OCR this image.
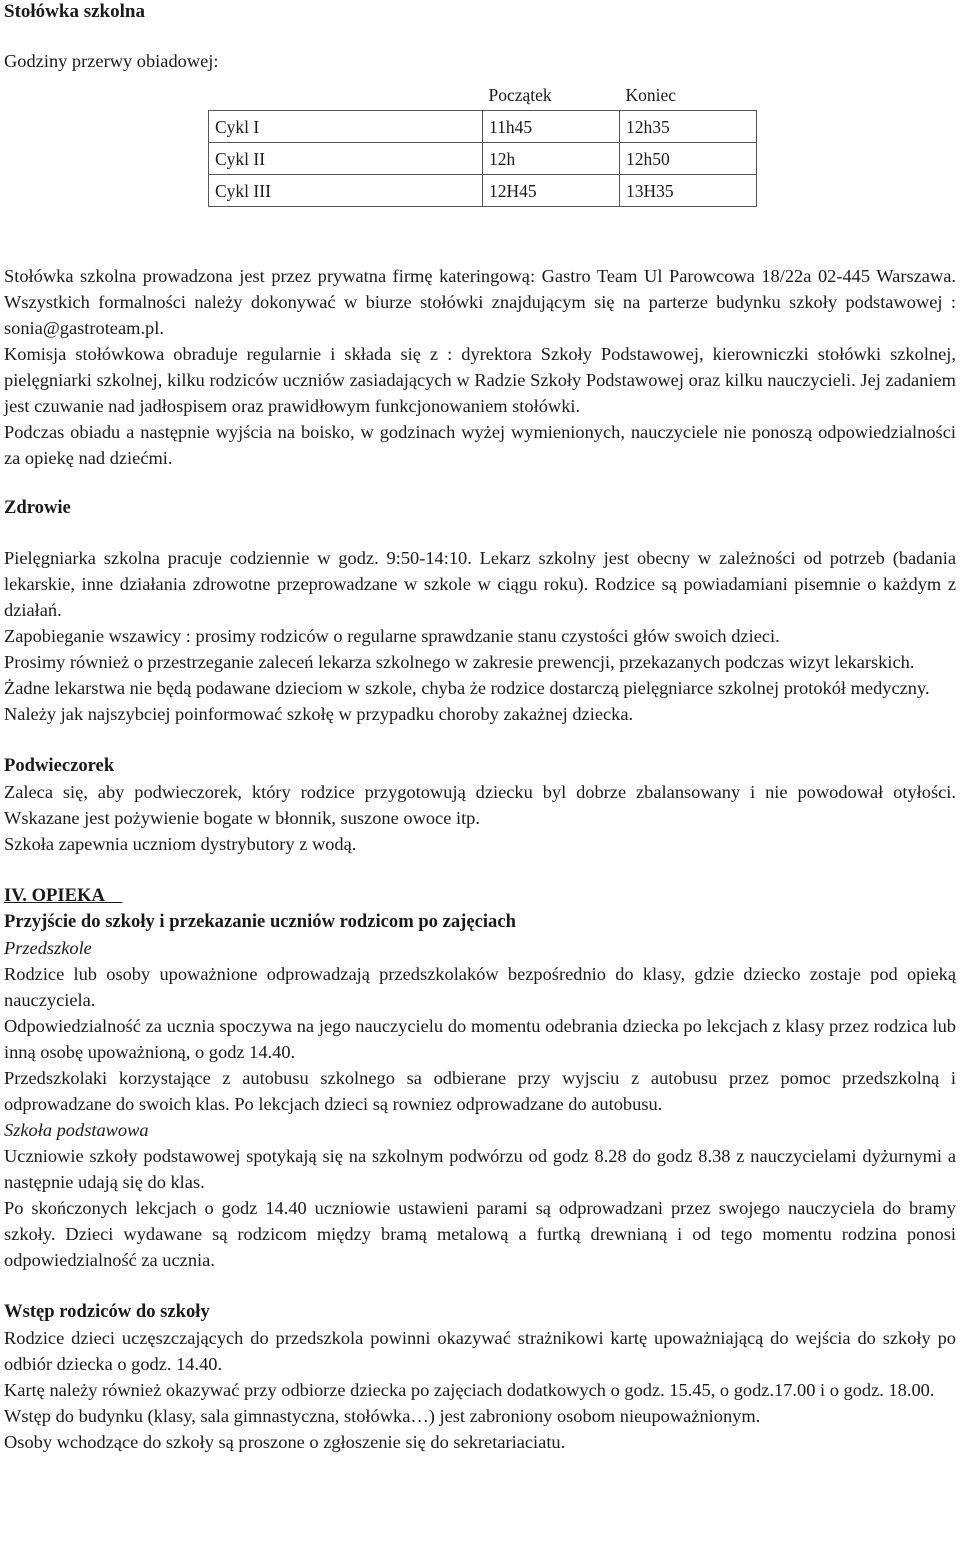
Stołówka szkolna

Godziny przerwy obiadowej:

	Początek	Koniec
Cykl I	11h45	12h35
Cykl II	12h	12h50
Cykl III	12H45	13H35

Stołówka szkolna prowadzona jest przez prywatna firmę kateringową: Gastro Team Ul Parowcowa 18/22a 02-445 Warszawa. Wszystkich formalności należy dokonywać w biurze stołówki znajdującym się na parterze budynku szkoły podstawowej : sonia@gastroteam.pl.

Komisja stołówkowa obraduje regularnie i składa się z : dyrektora Szkoły Podstawowej, kierowniczki stołówki szkolnej, pielęgniarki szkolnej, kilku rodziców uczniów zasiadających w Radzie Szkoły Podstawowej oraz kilku nauczycieli. Jej zadaniem jest czuwanie nad jadłospisem oraz prawidłowym funkcjonowaniem stołówki.

Podczas obiadu a następnie wyjścia na boisko, w godzinach wyżej wymienionych, nauczyciele nie ponoszą odpowiedzialności za opiekę nad dziećmi.

Zdrowie

Pielęgniarka szkolna pracuje codziennie w godz. 9:50-14:10. Lekarz szkolny jest obecny w zależności od potrzeb (badania lekarskie, inne działania zdrowotne przeprowadzane w szkole w ciągu roku). Rodzice są powiadamiani pisemnie o każdym z działań.

Zapobieganie wszawicy : prosimy rodziców o regularne sprawdzanie stanu czystości głów swoich dzieci.

Prosimy również o przestrzeganie zaleceń lekarza szkolnego w zakresie prewencji, przekazanych podczas wizyt lekarskich.

Żadne lekarstwa nie będą podawane dzieciom w szkole, chyba że rodzice dostarczą pielęgniarce szkolnej protokół medyczny.

Należy jak najszybciej poinformować szkołę w przypadku choroby zakażnej dziecka.

Podwieczorek

Zaleca się, aby podwieczorek, który rodzice przygotowują dziecku byl dobrze zbalansowany i nie powodował otyłości. Wskazane jest pożywienie bogate w błonnik, suszone owoce itp.

Szkoła zapewnia uczniom dystrybutory z wodą.

IV. OPIEKA
Przyjście do szkoły i przekazanie uczniów rodzicom po zajęciach

Przedszkole

Rodzice lub osoby upoważnione odprowadzają przedszkolaków bezpośrednio do klasy, gdzie dziecko zostaje pod opieką nauczyciela.

Odpowiedzialność za ucznia spoczywa na jego nauczycielu do momentu odebrania dziecka po lekcjach z klasy przez rodzica lub inną osobę upoważnioną, o godz 14.40.

Przedszkolaki korzystające z autobusu szkolnego sa odbierane przy wyjsciu z autobusu przez pomoc przedszkolną i odprowadzane do swoich klas. Po lekcjach dzieci są rowniez odprowadzane do autobusu.

Szkoła podstawowa

Uczniowie szkoły podstawowej spotykają się na szkolnym podwórzu od godz 8.28 do godz 8.38 z nauczycielami dyżurnymi a następnie udają się do klas.

Po skończonych lekcjach o godz 14.40 uczniowie ustawieni parami są odprowadzani przez swojego nauczyciela do bramy szkoły. Dzieci wydawane są rodzicom między bramą metalową a furtką drewnianą i od tego momentu rodzina ponosi odpowiedzialność za ucznia.

Wstęp rodziców do szkoły

Rodzice dzieci uczęszczających do przedszkola powinni okazywać strażnikowi kartę upoważniającą do wejścia do szkoły po odbiór dziecka o godz. 14.40.

Kartę należy również okazywać przy odbiorze dziecka po zajęciach dodatkowych o godz. 15.45, o godz.17.00 i o godz. 18.00.

Wstęp do budynku (klasy, sala gimnastyczna, stołówka…) jest zabroniony osobom nieupoważnionym.

Osoby wchodzące do szkoły są proszone o zgłoszenie się do sekretariaciatu.
